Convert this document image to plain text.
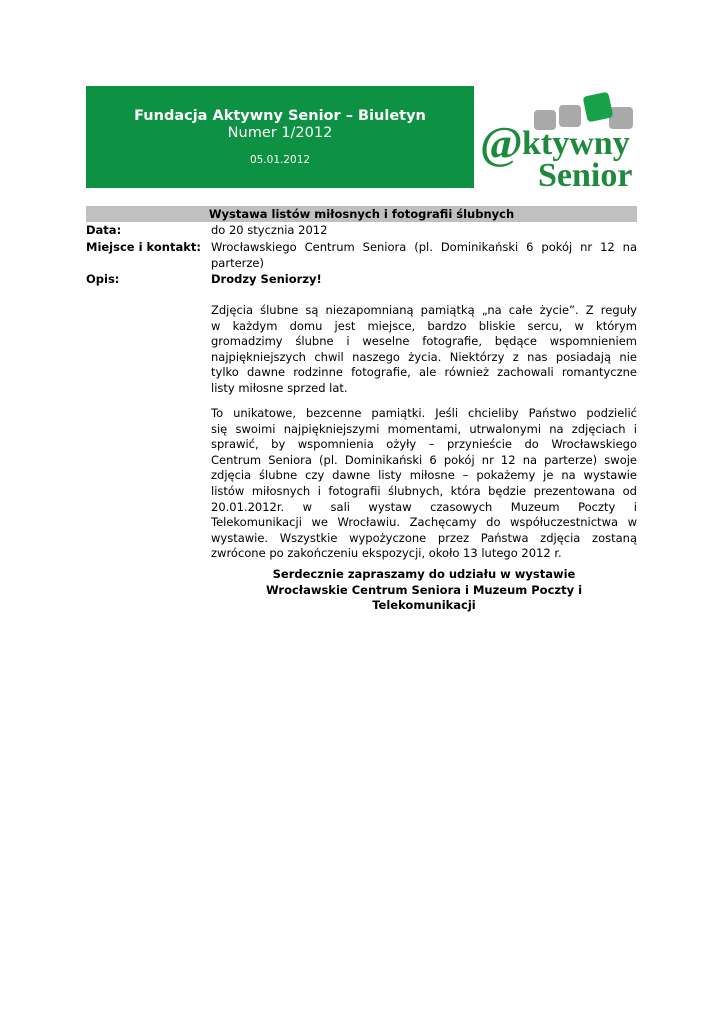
Fundacja Aktywny Senior – Biuletyn
Numer 1/2012
05.01.2012	@ ktywny
Senior
Wystawa listów miłosnych i fotografii ślubnych
Data:	do 20 stycznia 2012
Miejsce i kontakt: Wrocławskiego Centrum Seniora (pl. Dominikański 6 pokój nr 12 na
parterze)
Opis:	Drodzy Seniorzy!
Zdjęcia ślubne są niezapomnianą pamiątką „na całe życie”. Z reguły
w każdym domu jest miejsce, bardzo bliskie sercu, w którym
gromadzimy ślubne i weselne fotografie, będące wspomnieniem
najpiękniejszych chwil naszego życia. Niektórzy z nas posiadają nie
tylko dawne rodzinne fotografie, ale również zachowali romantyczne
listy miłosne sprzed lat.
To unikatowe, bezcenne pamiątki. Jeśli chcieliby Państwo podzielić
się swoimi najpiękniejszymi momentami, utrwalonymi na zdjęciach i
sprawić, by wspomnienia ożyły – przynieście do Wrocławskiego
Centrum Seniora (pl. Dominikański 6 pokój nr 12 na parterze) swoje
zdjęcia ślubne czy dawne listy miłosne – pokażemy je na wystawie
listów miłosnych i fotografii ślubnych, która będzie prezentowana od
20.01.2012r. w sali wystaw czasowych Muzeum Poczty i
Telekomunikacji we Wrocławiu. Zachęcamy do współuczestnictwa w
wystawie. Wszystkie wypożyczone przez Państwa zdjęcia zostaną
zwrócone po zakończeniu ekspozycji, około 13 lutego 2012 r.
Serdecznie zapraszamy do udziału w wystawie
Wrocławskie Centrum Seniora i Muzeum Poczty i
Telekomunikacji
